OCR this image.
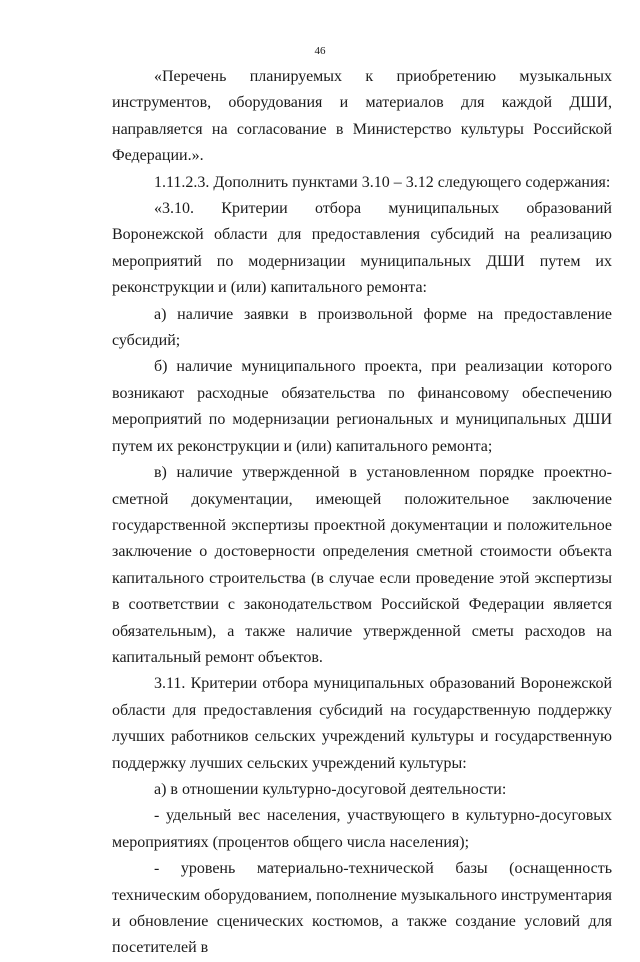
46

«Перечень планируемых к приобретению музыкальных инструментов, оборудования и материалов для каждой ДШИ, направляется на согласование в Министерство культуры Российской Федерации.».

1.11.2.3. Дополнить пунктами 3.10 – 3.12 следующего содержания:

«3.10. Критерии отбора муниципальных образований Воронежской области для предоставления субсидий на реализацию мероприятий по модернизации муниципальных ДШИ путем их реконструкции и (или) капитального ремонта:

а) наличие заявки в произвольной форме на предоставление субсидий;

б) наличие муниципального проекта, при реализации которого возникают расходные обязательства по финансовому обеспечению мероприятий по модернизации региональных и муниципальных ДШИ путем их реконструкции и (или) капитального ремонта;

в) наличие утвержденной в установленном порядке проектно-сметной документации, имеющей положительное заключение государственной экспертизы проектной документации и положительное заключение о достоверности определения сметной стоимости объекта капитального строительства (в случае если проведение этой экспертизы в соответствии с законодательством Российской Федерации является обязательным), а также наличие утвержденной сметы расходов на капитальный ремонт объектов.

3.11. Критерии отбора муниципальных образований Воронежской области для предоставления субсидий на государственную поддержку лучших работников сельских учреждений культуры и государственную поддержку лучших сельских учреждений культуры:

а) в отношении культурно-досуговой деятельности:

- удельный вес населения, участвующего в культурно-досуговых мероприятиях (процентов общего числа населения);

- уровень материально-технической базы (оснащенность техническим оборудованием, пополнение музыкального инструментария и обновление сценических костюмов, а также создание условий для посетителей в
